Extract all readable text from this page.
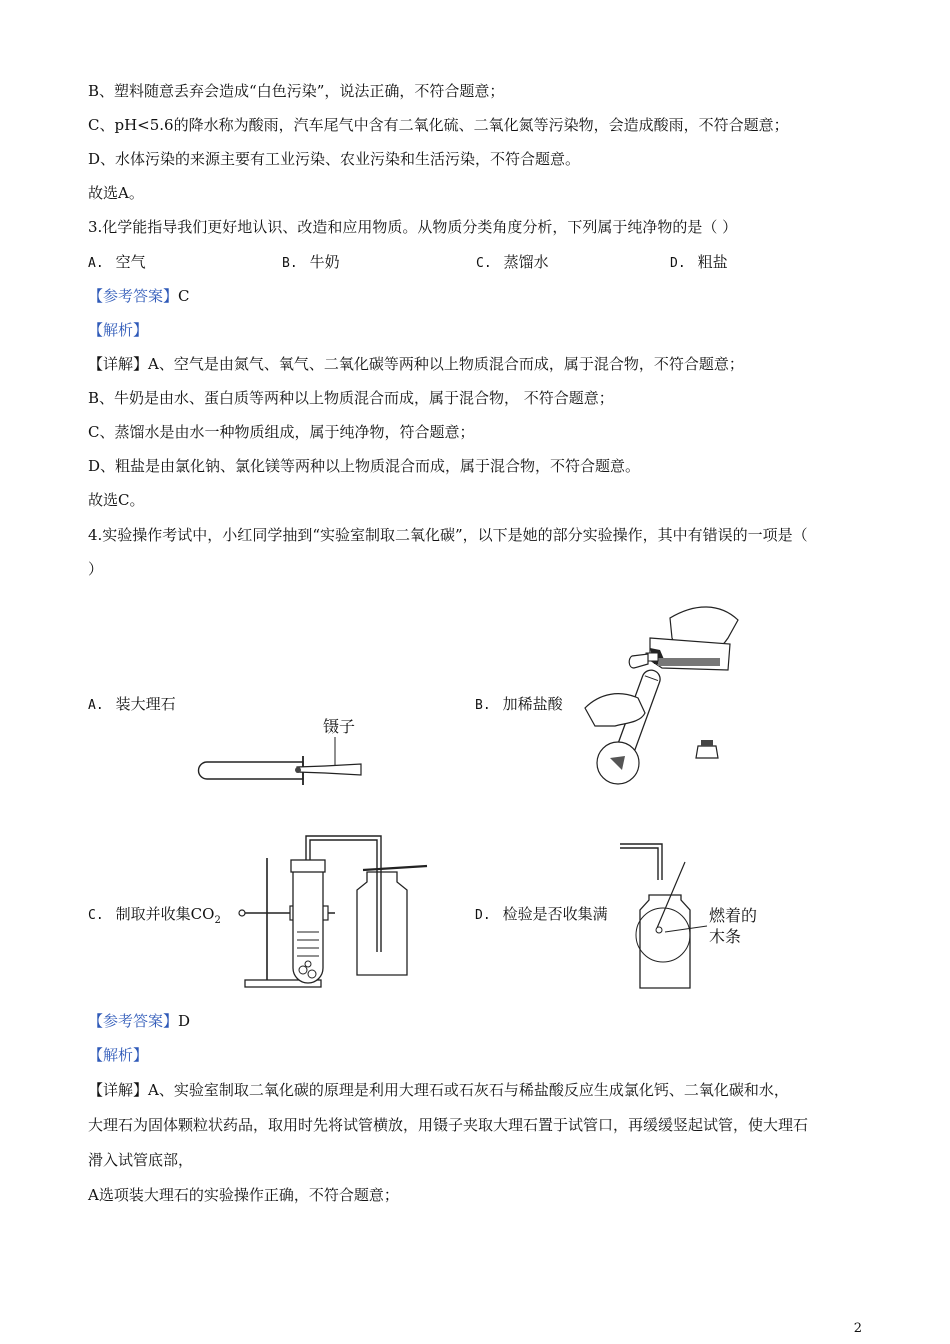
B、塑料随意丢弃会造成“白色污染”，说法正确，不符合题意；
C、pH<5.6的降水称为酸雨，汽车尾气中含有二氧化硫、二氧化氮等污染物，会造成酸雨，不符合题意；
D、水体污染的来源主要有工业污染、农业污染和生活污染，不符合题意。
故选A。
3.化学能指导我们更好地认识、改造和应用物质。从物质分类角度分析，下列属于纯净物的是（ ）
A. 空气	B. 牛奶	C. 蒸馏水	D. 粗盐
【参考答案】C
【解析】
【详解】A、空气是由氮气、氧气、二氧化碳等两种以上物质混合而成，属于混合物，不符合题意；
B、牛奶是由水、蛋白质等两种以上物质混合而成，属于混合物， 不符合题意；
C、蒸馏水是由水一种物质组成，属于纯净物，符合题意；
D、粗盐是由氯化钠、氯化镁等两种以上物质混合而成，属于混合物，不符合题意。
故选C。
4.实验操作考试中，小红同学抽到“实验室制取二氧化碳”，以下是她的部分实验操作，其中有错误的一项是（
）
A. 装大理石
镊子
B. 加稀盐酸
C. 制取并收集$CO_2$	D. 检验是否收集满	燃着的
木条
【参考答案】D
【解析】
【详解】A、实验室制取二氧化碳的原理是利用大理石或石灰石与稀盐酸反应生成氯化钙、二氧化碳和水，
大理石为固体颗粒状药品，取用时先将试管横放，用镊子夹取大理石置于试管口，再缓缓竖起试管，使大理石
滑入试管底部，
A选项装大理石的实验操作正确，不符合题意；
2
